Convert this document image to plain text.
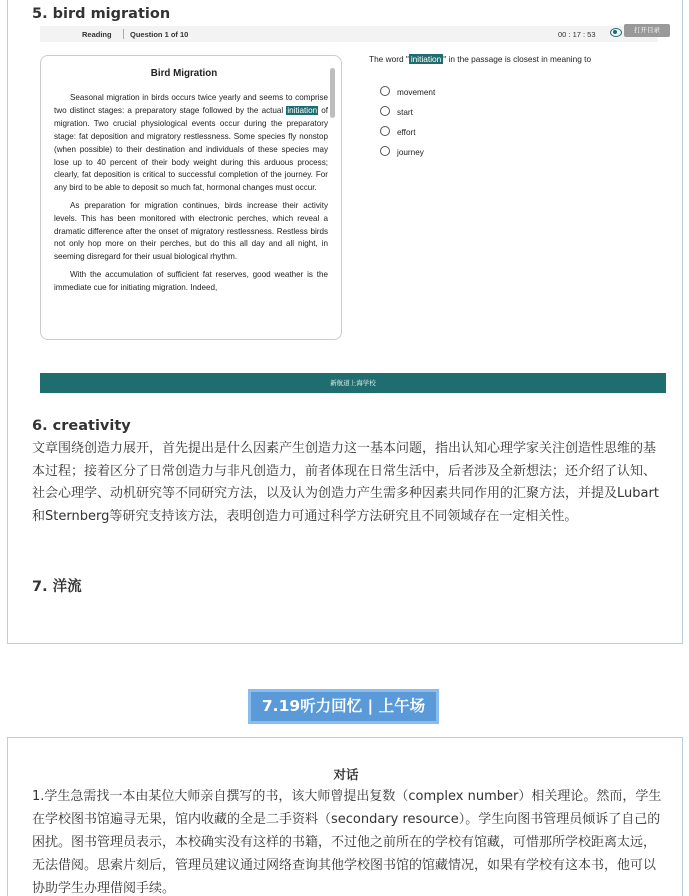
5. bird migration
Reading Question 1 of 10	00 : 17 : 53	打开目录
Bird Migration

Seasonal migration in birds occurs twice yearly and seems to comprise two distinct stages: a preparatory stage followed by the actual initiation of migration. Two crucial physiological events occur during the preparatory stage: fat deposition and migratory restlessness. Some species fly nonstop (when possible) to their destination and individuals of these species may lose up to 40 percent of their body weight during this arduous process; clearly, fat deposition is critical to successful completion of the journey. For any bird to be able to deposit so much fat, hormonal changes must occur.

As preparation for migration continues, birds increase their activity levels. This has been monitored with electronic perches, which reveal a dramatic difference after the onset of migratory restlessness. Restless birds not only hop more on their perches, but do this all day and all night, in seeming disregard for their usual biological rhythm.

With the accumulation of sufficient fat reserves, good weather is the immediate cue for initiating migration. Indeed,

The word " initiation " in the passage is closest in meaning to
movement
start
effort
journey
新航道上海学校
6. creativity
文章围绕创造力展开，首先提出是什么因素产生创造力这一基本问题，指出认知心理学家关注创造性思维的基本过程；接着区分了日常创造力与非凡创造力，前者体现在日常生活中，后者涉及全新想法；还介绍了认知、社会心理学、动机研究等不同研究方法，以及认为创造力产生需多种因素共同作用的汇聚方法，并提及Lubart和Sternberg等研究支持该方法，表明创造力可通过科学方法研究且不同领域存在一定相关性。
7. 洋流
7.19听力回忆 | 上午场
对话
1.学生急需找一本由某位大师亲自撰写的书，该大师曾提出复数（complex number）相关理论。然而，学生在学校图书馆遍寻无果，馆内收藏的全是二手资料（secondary resource）。学生向图书管理员倾诉了自己的困扰。图书管理员表示，本校确实没有这样的书籍，不过他之前所在的学校有馆藏，可惜那所学校距离太远，无法借阅。思索片刻后，管理员建议通过网络查询其他学校图书馆的馆藏情况，如果有学校有这本书，他可以协助学生办理借阅手续。
